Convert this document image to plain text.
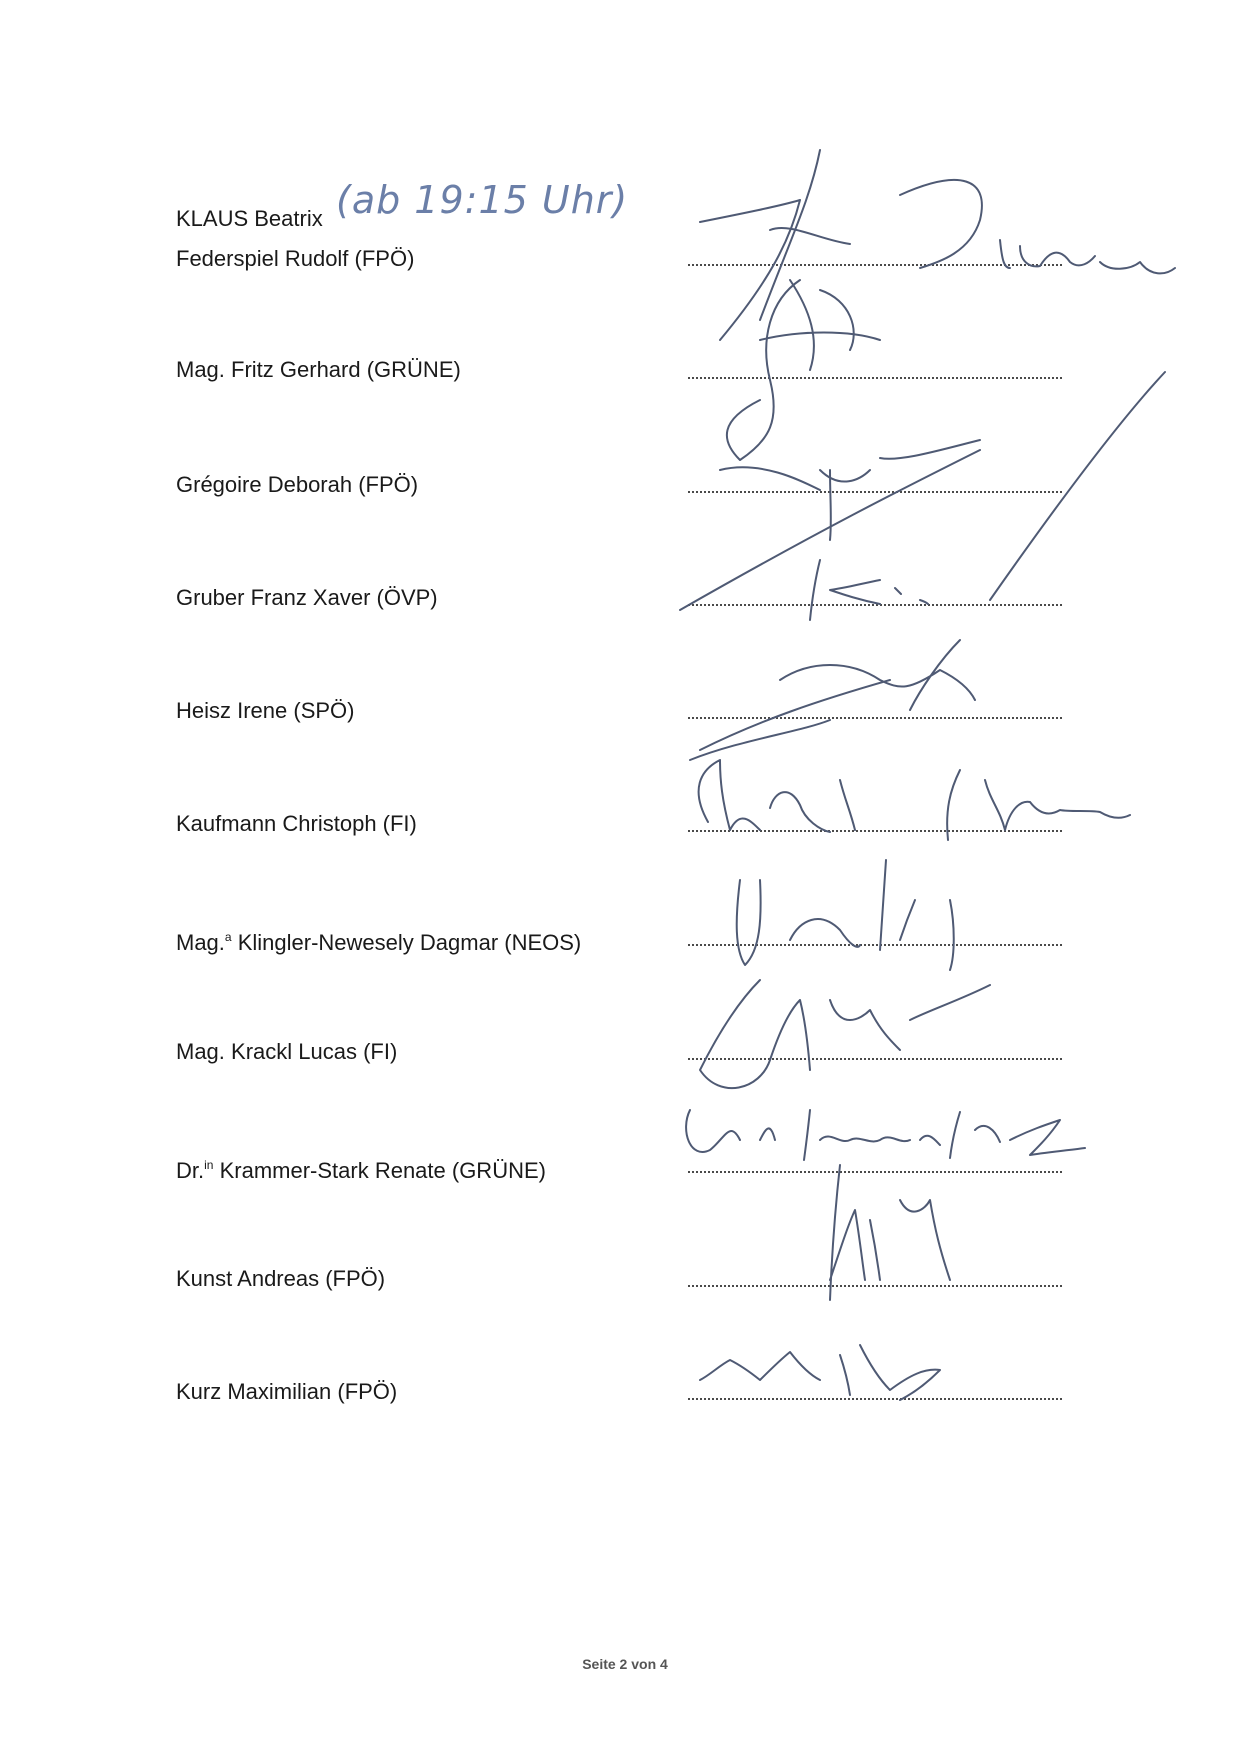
KLAUS Beatrix (ab 19:15 Uhr)
Federspiel Rudolf (FPÖ)
Mag. Fritz Gerhard (GRÜNE)
Grégoire Deborah (FPÖ)
Gruber Franz Xaver (ÖVP)
Heisz Irene (SPÖ)
Kaufmann Christoph (FI)
Mag.$^a$ Klingler-Newesely Dagmar (NEOS)
Mag. Krackl Lucas (FI)
Dr.$^{in}$ Krammer-Stark Renate (GRÜNE)
Kunst Andreas (FPÖ)
Kurz Maximilian (FPÖ)
Seite 2 von 4
